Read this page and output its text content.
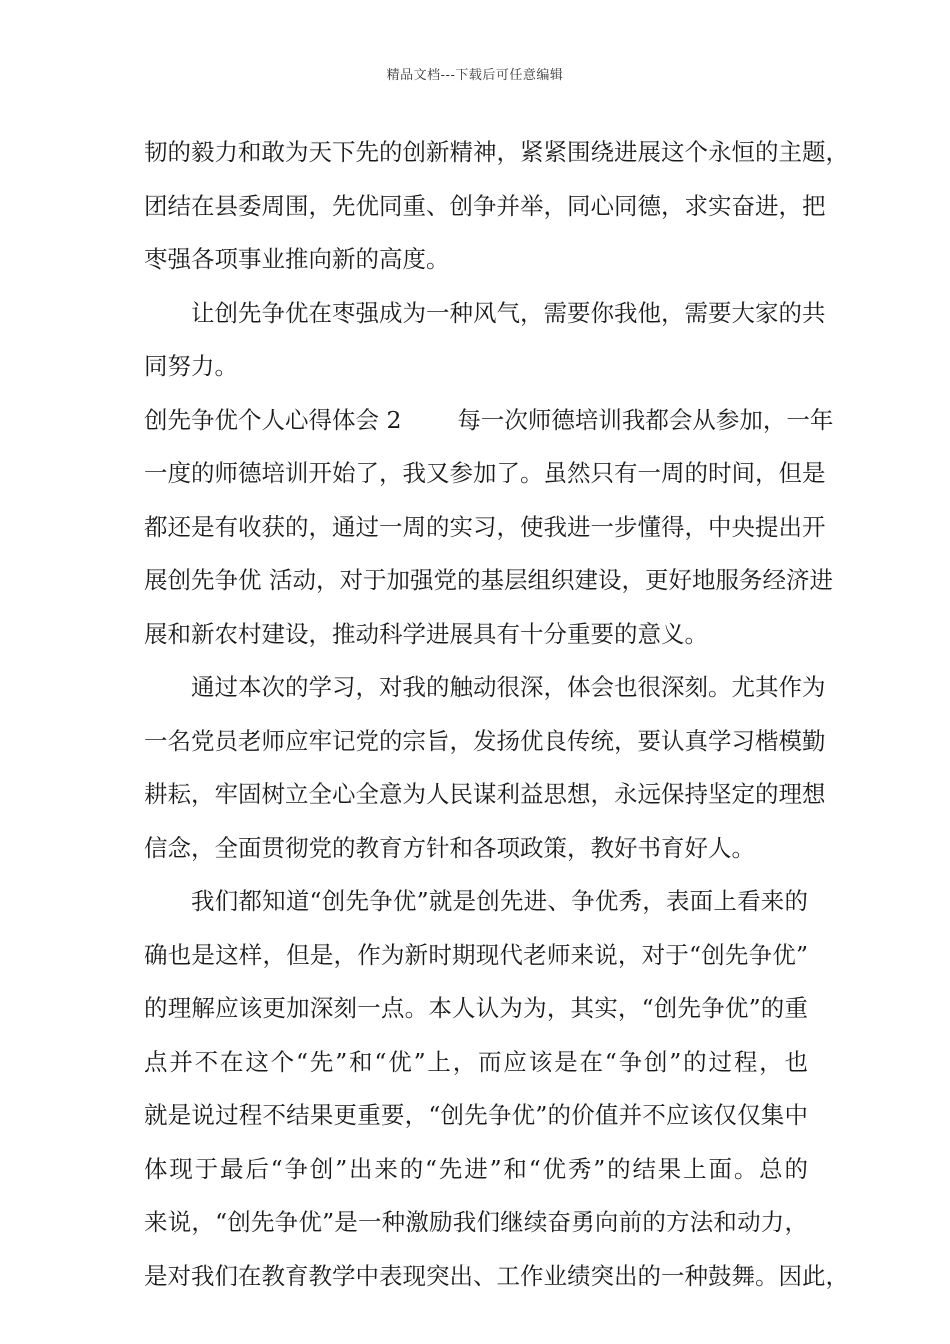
精品文档---下载后可任意编辑
韧的毅力和敢为天下先的创新精神，紧紧围绕进展这个永恒的主题，
团结在县委周围，先优同重、创争并举，同心同德，求实奋进，把
枣强各项事业推向新的高度。
让创先争优在枣强成为一种风气，需要你我他，需要大家的共
同努力。
创先争优个人心得体会 2 每一次师德培训我都会从参加，一年
一度的师德培训开始了，我又参加了。虽然只有一周的时间，但是
都还是有收获的，通过一周的实习，使我进一步懂得，中央提出开
展创先争优 活动，对于加强党的基层组织建设，更好地服务经济进
展和新农村建设，推动科学进展具有十分重要的意义。
通过本次的学习，对我的触动很深，体会也很深刻。尤其作为
一名党员老师应牢记党的宗旨，发扬优良传统，要认真学习楷模勤
耕耘，牢固树立全心全意为人民谋利益思想，永远保持坚定的理想
信念，全面贯彻党的教育方针和各项政策，教好书育好人。
我们都知道“创先争优”就是创先进、争优秀，表面上看来的
确也是这样，但是，作为新时期现代老师来说，对于“创先争优”
的理解应该更加深刻一点。本人认为为，其实，“创先争优”的重
点并不在这个“先”和“优”上，而应该是在“争创”的过程，也
就是说过程不结果更重要，“创先争优”的价值并不应该仅仅集中
体现于最后“争创”出来的“先进”和“优秀”的结果上面。总的
来说，“创先争优”是一种激励我们继续奋勇向前的方法和动力，
是对我们在教育教学中表现突出、工作业绩突出的一种鼓舞。因此，
